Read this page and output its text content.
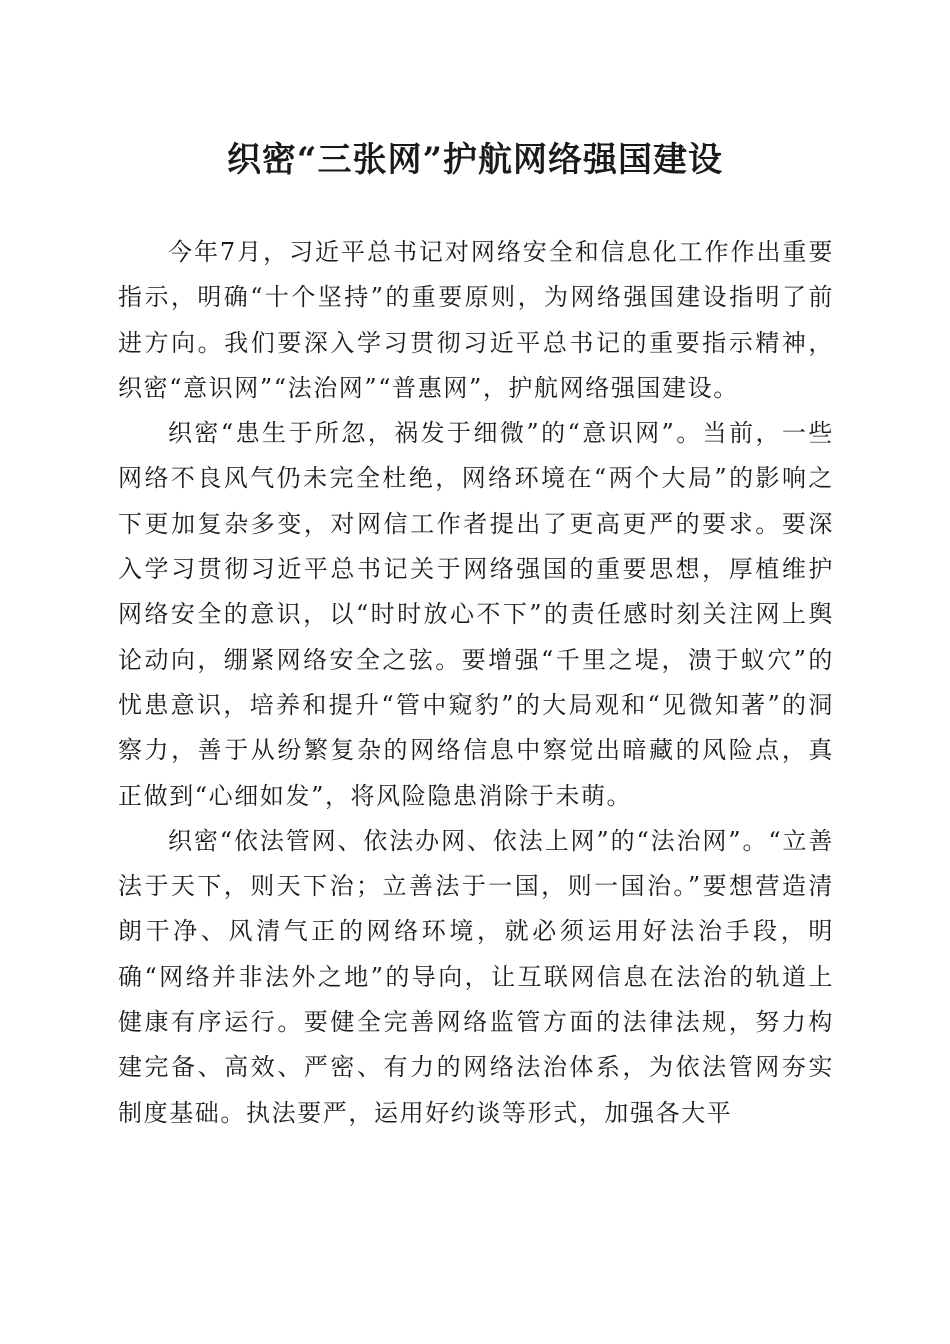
织密“三张网”护航网络强国建设

今年7月，习近平总书记对网络安全和信息化工作作出重要指示，明确“十个坚持”的重要原则，为网络强国建设指明了前进方向。我们要深入学习贯彻习近平总书记的重要指示精神，织密“意识网”“法治网”“普惠网”，护航网络强国建设。

织密“患生于所忽，祸发于细微”的“意识网”。当前，一些网络不良风气仍未完全杜绝，网络环境在“两个大局”的影响之下更加复杂多变，对网信工作者提出了更高更严的要求。要深入学习贯彻习近平总书记关于网络强国的重要思想，厚植维护网络安全的意识，以“时时放心不下”的责任感时刻关注网上舆论动向，绷紧网络安全之弦。要增强“千里之堤，溃于蚁穴”的忧患意识，培养和提升“管中窥豹”的大局观和“见微知著”的洞察力，善于从纷繁复杂的网络信息中察觉出暗藏的风险点，真正做到“心细如发”，将风险隐患消除于未萌。

织密“依法管网、依法办网、依法上网”的“法治网”。“立善法于天下，则天下治；立善法于一国，则一国治。”要想营造清朗干净、风清气正的网络环境，就必须运用好法治手段，明确“网络并非法外之地”的导向，让互联网信息在法治的轨道上健康有序运行。要健全完善网络监管方面的法律法规，努力构建完备、高效、严密、有力的网络法治体系，为依法管网夯实制度基础。执法要严，运用好约谈等形式，加强各大平
